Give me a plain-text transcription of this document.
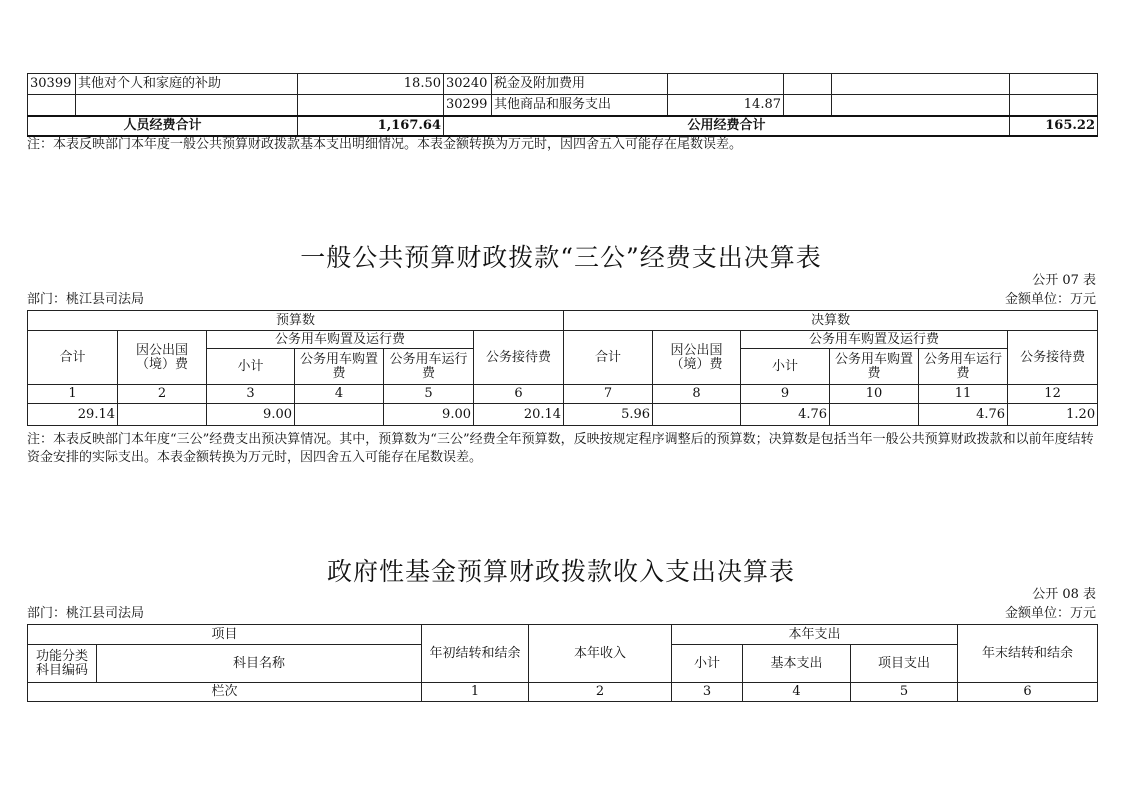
30399	其他对个人和家庭的补助	18.50	30240	税金及附加费用				
			30299	其他商品和服务支出	14.87			
人员经费合计		1,167.64	公用经费合计					165.22

注：本表反映部门本年度一般公共预算财政拨款基本支出明细情况。本表金额转换为万元时，因四舍五入可能存在尾数误差。

一般公共预算财政拨款“三公”经费支出决算表
公开 07 表
部门：桃江县司法局	金额单位：万元
预算数						决算数					
合计	因公出国（境）费	公务用车购置及运行费			公务接待费	合计	因公出国（境）费	公务用车购置及运行费			公务接待费
		小计	公务用车购置费	公务用车运行费				小计	公务用车购置费	公务用车运行费	
1	2	3	4	5	6	7	8	9	10	11	12
29.14		9.00		9.00	20.14	5.96		4.76		4.76	1.20

注：本表反映部门本年度“三公”经费支出预决算情况。其中，预算数为“三公”经费全年预算数，反映按规定程序调整后的预算数；决算数是包括当年一般公共预算财政拨款和以前年度结转资金安排的实际支出。本表金额转换为万元时，因四舍五入可能存在尾数误差。

政府性基金预算财政拨款收入支出决算表
公开 08 表
部门：桃江县司法局	金额单位：万元
项目		年初结转和结余	本年收入	本年支出			年末结转和结余
功能分类科目编码	科目名称			小计	基本支出	项目支出	
栏次		1	2	3	4	5	6
